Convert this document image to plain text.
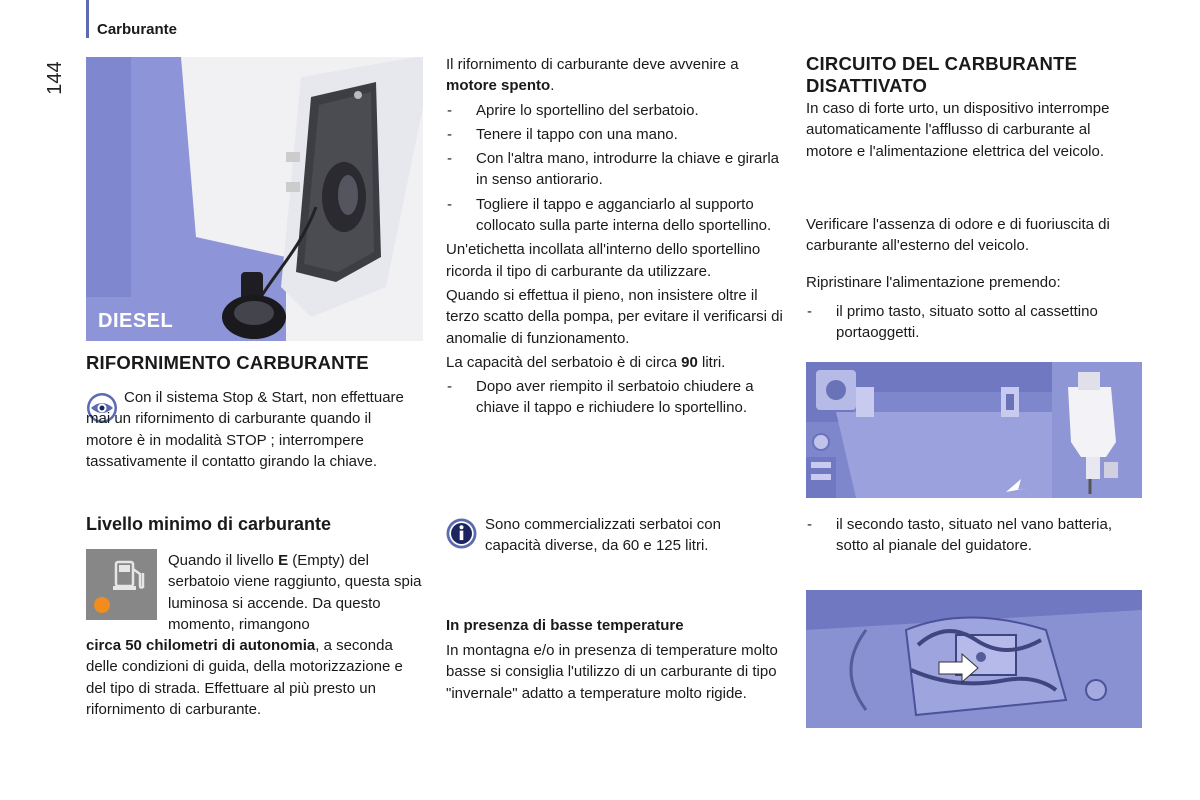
Carburante
144
DIESEL
RIFORNIMENTO CARBURANTE
Con il sistema Stop & Start, non effettuare mai un rifornimento di carburante quando il motore è in modalità STOP ; interrompere tassativamente il contatto girando la chiave.
Livello minimo di carburante

Quando il livello E (Empty) del serbatoio viene raggiunto, questa spia luminosa si accende. Da questo momento, rimangono

circa 50 chilometri di autonomia, a seconda delle condizioni di guida, della motorizzazione e del tipo di strada. Effettuare al più presto un rifornimento di carburante.

Il rifornimento di carburante deve avvenire a motore spento.

- Aprire lo sportellino del serbatoio.
- Tenere il tappo con una mano.
- Con l'altra mano, introdurre la chiave e girarla in senso antiorario.
- Togliere il tappo e agganciarlo al supporto collocato sulla parte interna dello sportellino.

Un'etichetta incollata all'interno dello sportellino ricorda il tipo di carburante da utilizzare.

Quando si effettua il pieno, non insistere oltre il terzo scatto della pompa, per evitare il verificarsi di anomalie di funzionamento.

La capacità del serbatoio è di circa 90 litri.

- Dopo aver riempito il serbatoio chiudere a chiave il tappo e richiudere lo sportellino.

Sono commercializzati serbatoi con capacità diverse, da 60 e 125 litri.

In presenza di basse temperature

In montagna e/o in presenza di temperature molto basse si consiglia l'utilizzo di un carburante di tipo "invernale" adatto a temperature molto rigide.

CIRCUITO DEL CARBURANTE DISATTIVATO

In caso di forte urto, un dispositivo interrompe automaticamente l'afflusso di carburante al motore e l'alimentazione elettrica del veicolo.

Verificare l'assenza di odore e di fuoriuscita di carburante all'esterno del veicolo.

Ripristinare l'alimentazione premendo:

- il primo tasto, situato sotto al cassettino portaoggetti.
- il secondo tasto, situato nel vano batteria, sotto al pianale del guidatore.
